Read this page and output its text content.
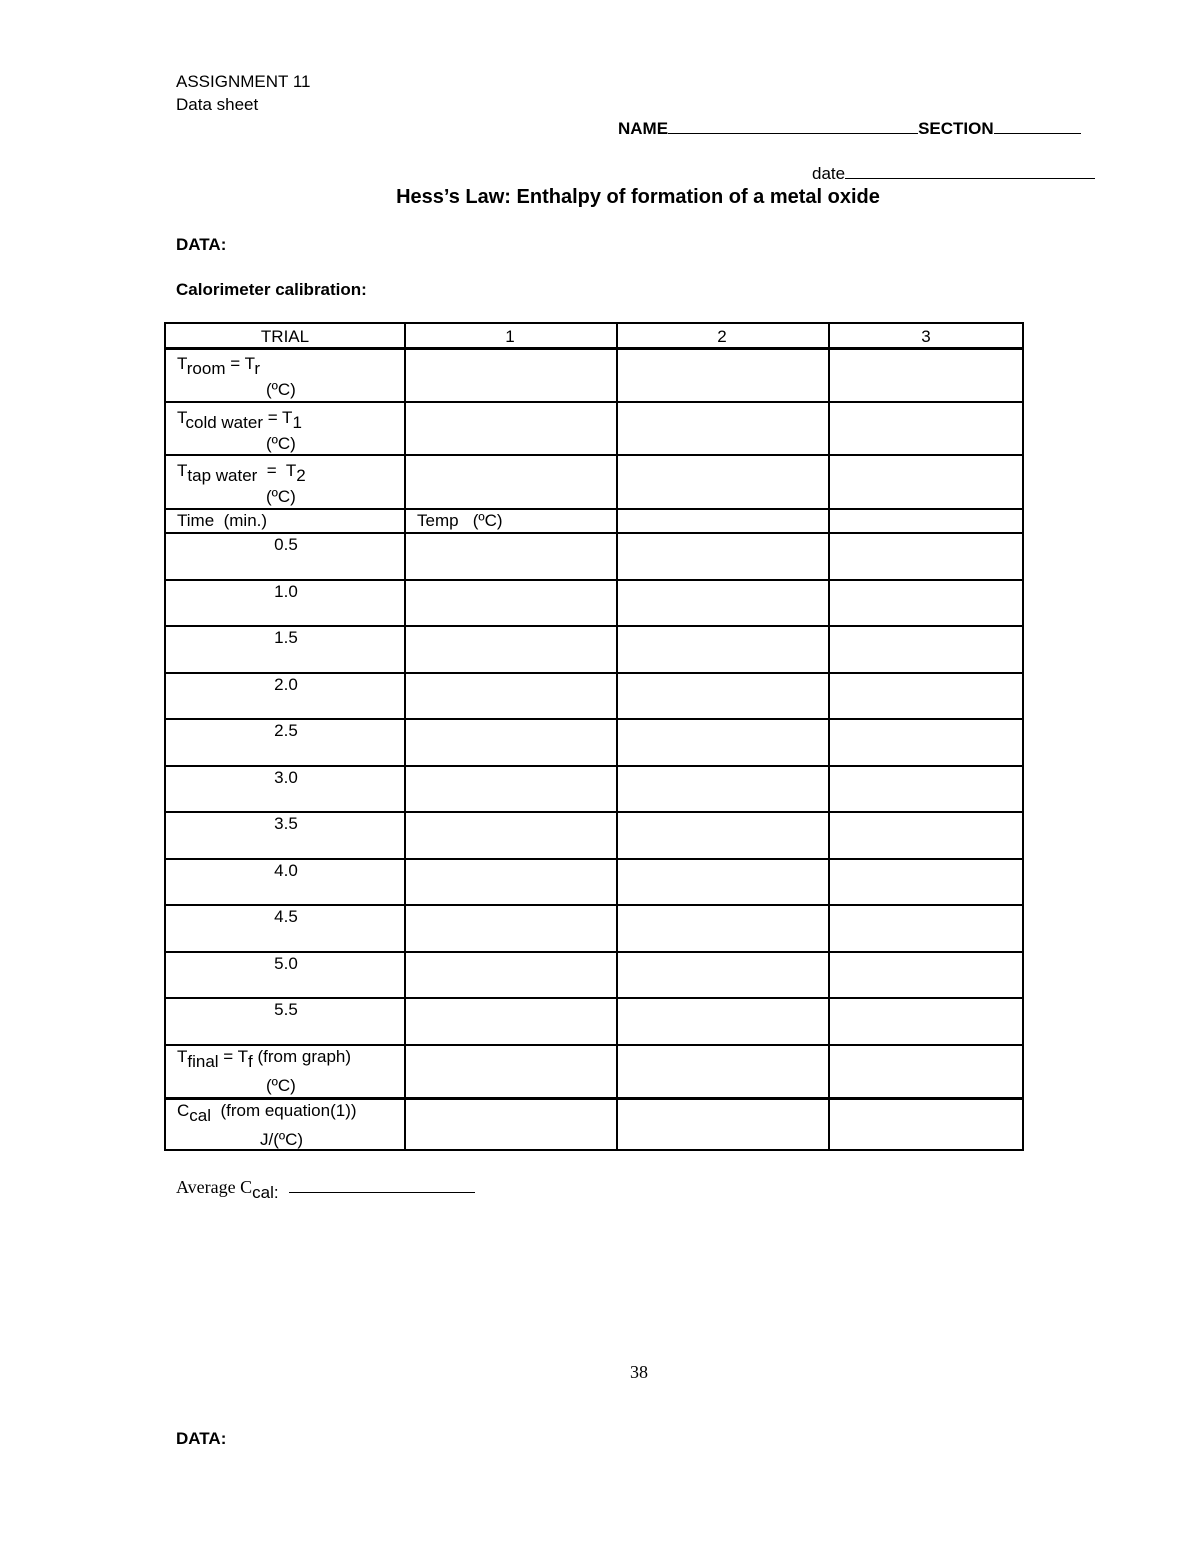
ASSIGNMENT 11
Data sheet
NAME	SECTION
date
Hess’s Law: Enthalpy of formation of a metal oxide
DATA:
Calorimeter calibration:
TRIAL	1	2	3
Troom = Tr
(ºC)
Tcold water = T1
(ºC)
Ttap water  =  T2
(ºC)
Time  (min.)	Temp   (ºC)
0.5
1.0
1.5
2.0
2.5
3.0
3.5
4.0
4.5
5.0
5.5
Tfinal = Tf (from graph)
(ºC)
Ccal  (from equation(1))
J/(ºC)
Average Ccal:
38
DATA:
